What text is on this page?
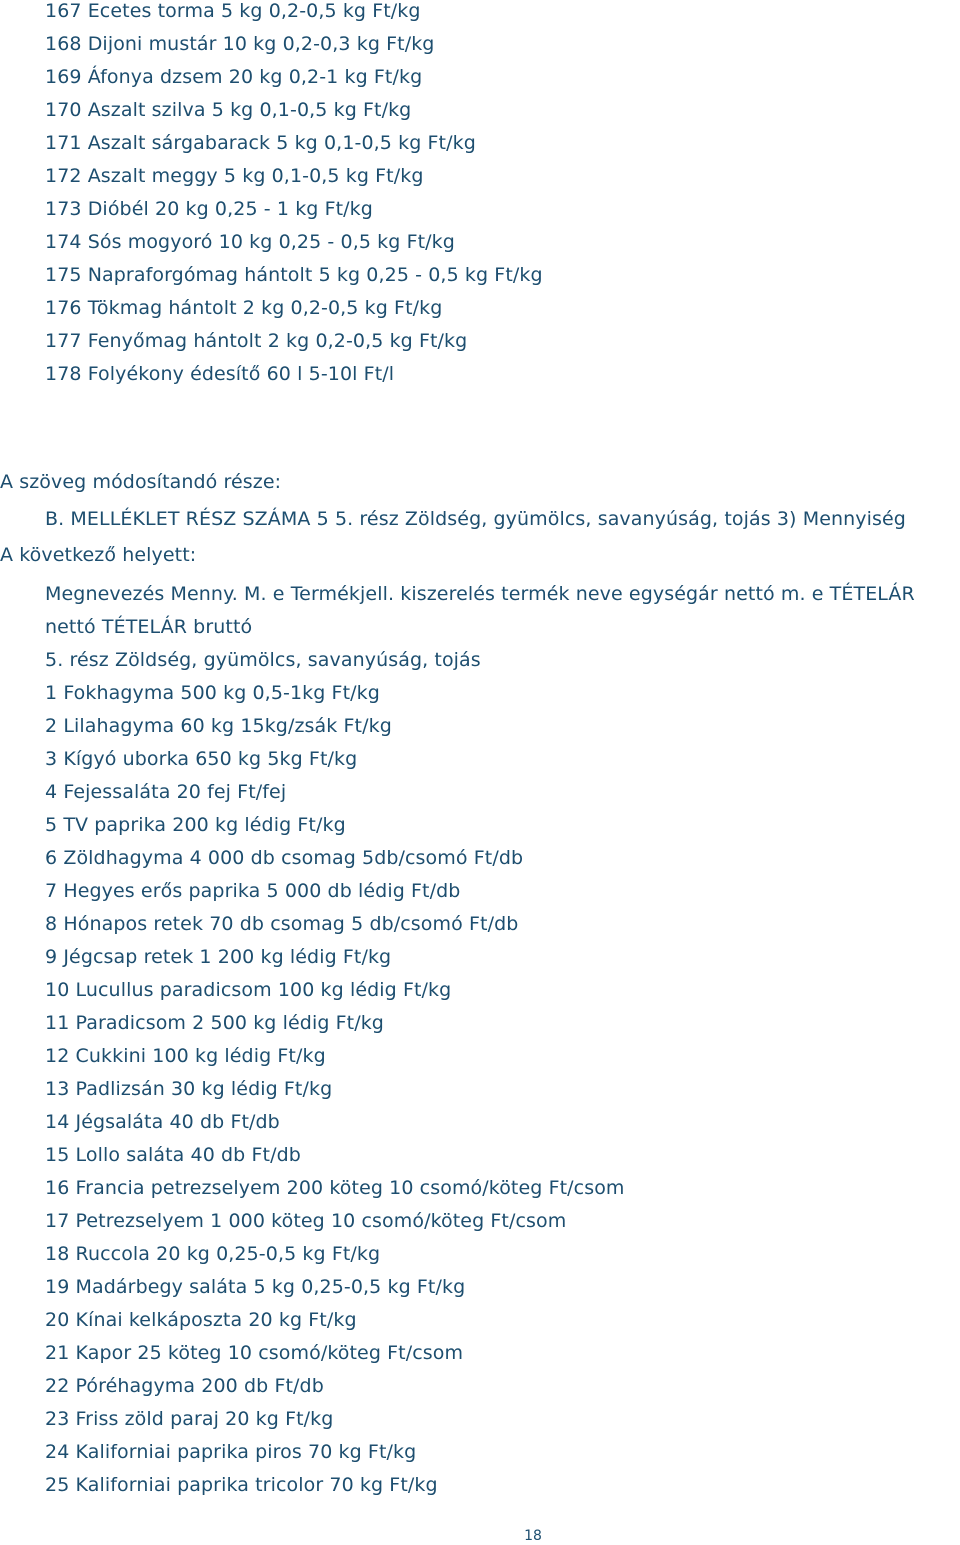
167 Ecetes torma 5 kg 0,2-0,5 kg Ft/kg
168 Dijoni mustár 10 kg 0,2-0,3 kg Ft/kg
169 Áfonya dzsem 20 kg 0,2-1 kg Ft/kg
170 Aszalt szilva 5 kg 0,1-0,5 kg Ft/kg
171 Aszalt sárgabarack 5 kg 0,1-0,5 kg Ft/kg
172 Aszalt meggy 5 kg 0,1-0,5 kg Ft/kg
173 Dióbél 20 kg 0,25 - 1 kg Ft/kg
174 Sós mogyoró 10 kg 0,25 - 0,5 kg Ft/kg
175 Napraforgómag hántolt 5 kg 0,25 - 0,5 kg Ft/kg
176 Tökmag hántolt 2 kg 0,2-0,5 kg Ft/kg
177 Fenyőmag hántolt 2 kg 0,2-0,5 kg Ft/kg
178 Folyékony édesítő 60 l 5-10l Ft/l
A szöveg módosítandó része:
B. MELLÉKLET RÉSZ SZÁMA 5 5. rész Zöldség, gyümölcs, savanyúság, tojás 3) Mennyiség
A következő helyett:
Megnevezés Menny. M. e Termékjell. kiszerelés termék neve egységár nettó m. e TÉTELÁR
nettó TÉTELÁR bruttó
5. rész Zöldség, gyümölcs, savanyúság, tojás
1 Fokhagyma 500 kg 0,5-1kg Ft/kg
2 Lilahagyma 60 kg 15kg/zsák Ft/kg
3 Kígyó uborka 650 kg 5kg Ft/kg
4 Fejessaláta 20 fej Ft/fej
5 TV paprika 200 kg lédig Ft/kg
6 Zöldhagyma 4 000 db csomag 5db/csomó Ft/db
7 Hegyes erős paprika 5 000 db lédig Ft/db
8 Hónapos retek 70 db csomag 5 db/csomó Ft/db
9 Jégcsap retek 1 200 kg lédig Ft/kg
10 Lucullus paradicsom 100 kg lédig Ft/kg
11 Paradicsom 2 500 kg lédig Ft/kg
12 Cukkini 100 kg lédig Ft/kg
13 Padlizsán 30 kg lédig Ft/kg
14 Jégsaláta 40 db Ft/db
15 Lollo saláta 40 db Ft/db
16 Francia petrezselyem 200 köteg 10 csomó/köteg Ft/csom
17 Petrezselyem 1 000 köteg 10 csomó/köteg Ft/csom
18 Ruccola 20 kg 0,25-0,5 kg Ft/kg
19 Madárbegy saláta 5 kg 0,25-0,5 kg Ft/kg
20 Kínai kelkáposzta 20 kg Ft/kg
21 Kapor 25 köteg 10 csomó/köteg Ft/csom
22 Póréhagyma 200 db Ft/db
23 Friss zöld paraj 20 kg Ft/kg
24 Kaliforniai paprika piros 70 kg Ft/kg
25 Kaliforniai paprika tricolor 70 kg Ft/kg
18
